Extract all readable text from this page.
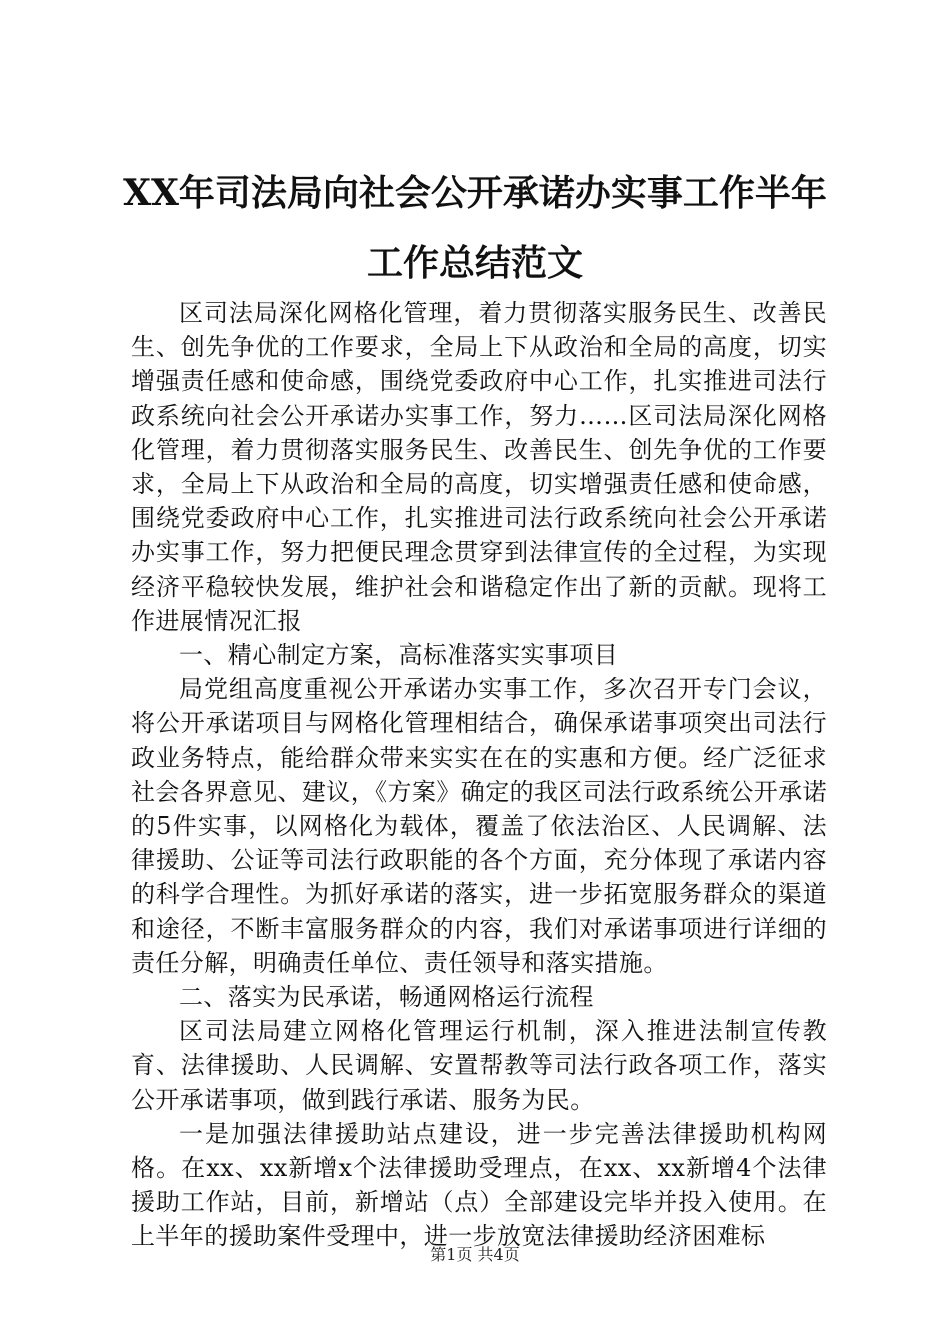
XX年司法局向社会公开承诺办实事工作半年
工作总结范文

区司法局深化网格化管理，着力贯彻落实服务民生、改善民生、创先争优的工作要求，全局上下从政治和全局的高度，切实增强责任感和使命感，围绕党委政府中心工作，扎实推进司法行政系统向社会公开承诺办实事工作，努力……区司法局深化网格化管理，着力贯彻落实服务民生、改善民生、创先争优的工作要求，全局上下从政治和全局的高度，切实增强责任感和使命感，围绕党委政府中心工作，扎实推进司法行政系统向社会公开承诺办实事工作，努力把便民理念贯穿到法律宣传的全过程，为实现经济平稳较快发展，维护社会和谐稳定作出了新的贡献。现将工作进展情况汇报

一、精心制定方案，高标准落实实事项目

局党组高度重视公开承诺办实事工作，多次召开专门会议，将公开承诺项目与网格化管理相结合，确保承诺事项突出司法行政业务特点，能给群众带来实实在在的实惠和方便。经广泛征求社会各界意见、建议，《方案》确定的我区司法行政系统公开承诺的5件实事，以网格化为载体，覆盖了依法治区、人民调解、法律援助、公证等司法行政职能的各个方面，充分体现了承诺内容的科学合理性。为抓好承诺的落实，进一步拓宽服务群众的渠道和途径，不断丰富服务群众的内容，我们对承诺事项进行详细的责任分解，明确责任单位、责任领导和落实措施。

二、落实为民承诺，畅通网格运行流程

区司法局建立网格化管理运行机制，深入推进法制宣传教育、法律援助、人民调解、安置帮教等司法行政各项工作，落实公开承诺事项，做到践行承诺、服务为民。

一是加强法律援助站点建设，进一步完善法律援助机构网格。在xx、xx新增x个法律援助受理点，在xx、xx新增4个法律援助工作站，目前，新增站（点）全部建设完毕并投入使用。在上半年的援助案件受理中，进一步放宽法律援助经济困难标

第1页 共4页
